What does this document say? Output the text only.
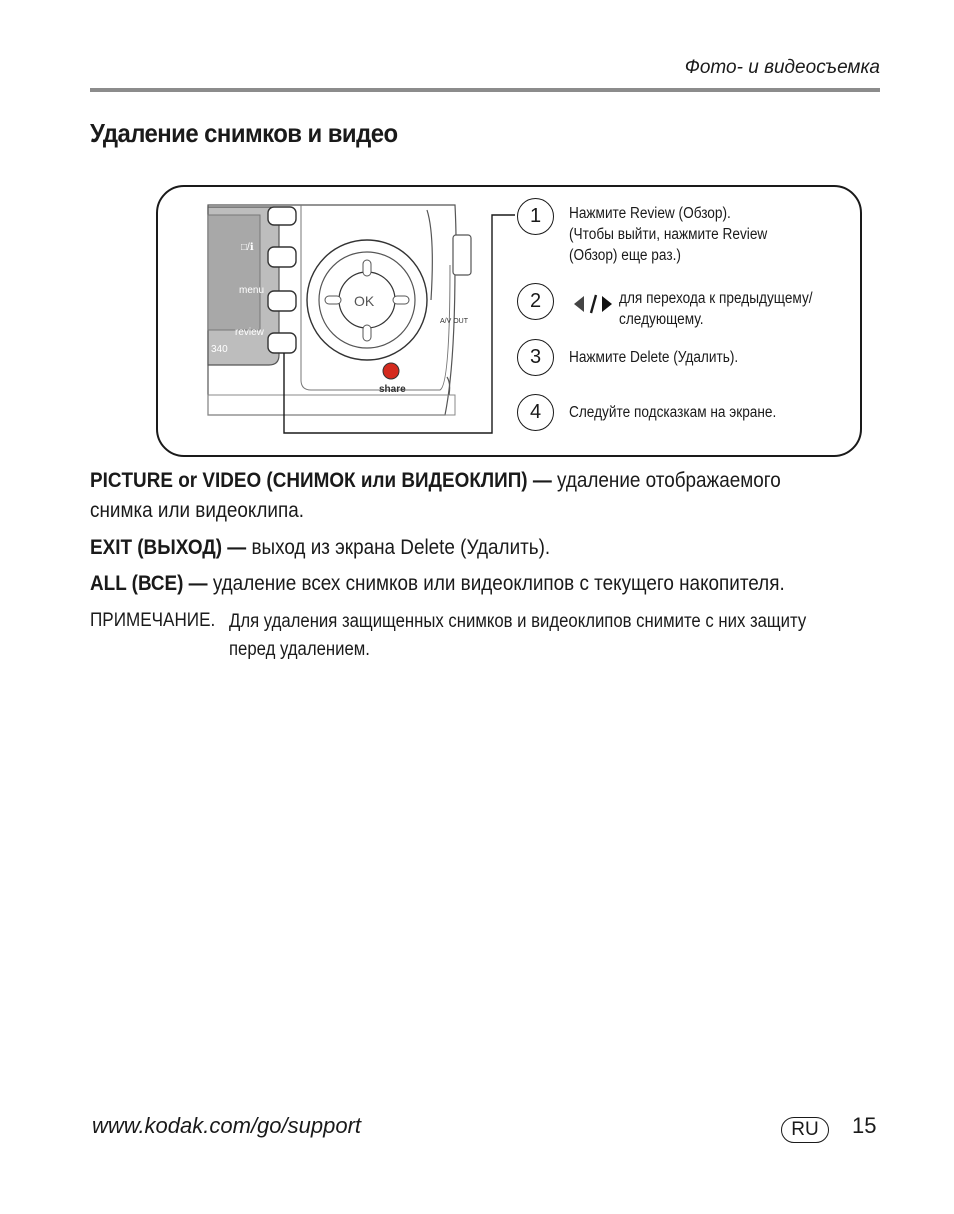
Фото- и видеосъемка
Удаление снимков и видео
340
□/ℹ
menu
review
OK
share
A/V OUT
1	Нажмите Review (Обзор).
(Чтобы выйти, нажмите Review
(Обзор) еще раз.)
2	для перехода к предыдущему/
следующему.
3	Нажмите Delete (Удалить).
4	Следуйте подсказкам на экране.

PICTURE or VIDEO (СНИМОК или ВИДЕОКЛИП) — удаление отображаемого
снимка или видеоклипа.

EXIT (ВЫХОД) — выход из экрана Delete (Удалить).

ALL (ВСЕ) — удаление всех снимков или видеоклипов с текущего накопителя.

ПРИМЕЧАНИЕ. Для удаления защищенных снимков и видеоклипов снимите с них защиту
перед удалением.
www.kodak.com/go/support	RU	15
